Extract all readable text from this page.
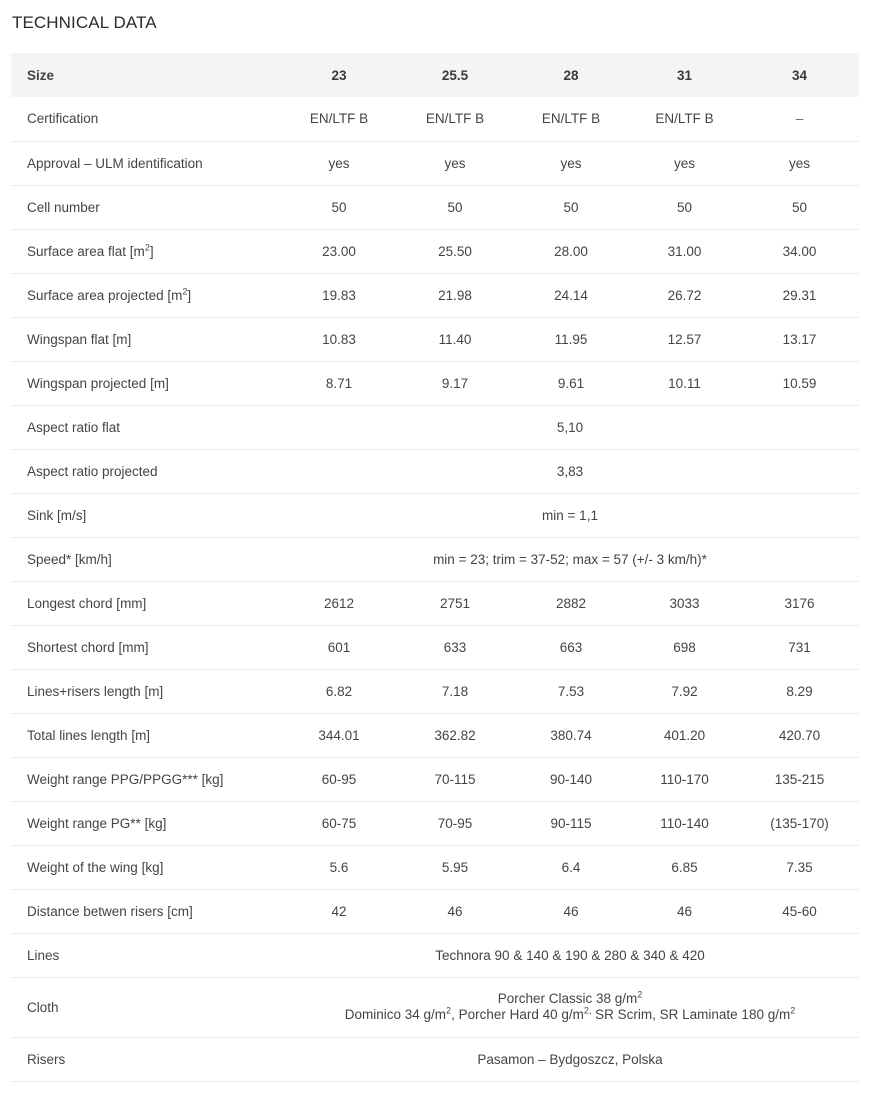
TECHNICAL DATA
Size	23	25.5	28	31	34
Certification	EN/LTF B	EN/LTF B	EN/LTF B	EN/LTF B	–
Approval – ULM identification	yes	yes	yes	yes	yes
Cell number	50	50	50	50	50
Surface area flat $[m^2]$	23.00	25.50	28.00	31.00	34.00
Surface area projected $[m^2]$	19.83	21.98	24.14	26.72	29.31
Wingspan flat [m]	10.83	11.40	11.95	12.57	13.17
Wingspan projected [m]	8.71	9.17	9.61	10.11	10.59
Aspect ratio flat	5,10				
Aspect ratio projected	3,83				
Sink [m/s]	min = 1,1				
Speed* [km/h]	min = 23; trim = 37-52; max = 57 (+/- 3 km/h)*				
Longest chord [mm]	2612	2751	2882	3033	3176
Shortest chord [mm]	601	633	663	698	731
Lines+risers length [m]	6.82	7.18	7.53	7.92	8.29
Total lines length [m]	344.01	362.82	380.74	401.20	420.70
Weight range PPG/PPGG*** [kg]	60-95	70-115	90-140	110-170	135-215
Weight range PG** [kg]	60-75	70-95	90-115	110-140	(135-170)
Weight of the wing [kg]	5.6	5.95	6.4	6.85	7.35
Distance betwen risers [cm]	42	46	46	46	45-60
Lines	Technora 90 & 140 & 190 & 280 & 340 & 420				
Cloth	Porcher Classic 38 $g/m^2$
Dominico 34 $g/m^2$, Porcher Hard 40 $g/m^{2,}$ SR Scrim, SR Laminate 180 $g/m^2$

Risers	Pasamon – Bydgoszcz, Polska				
